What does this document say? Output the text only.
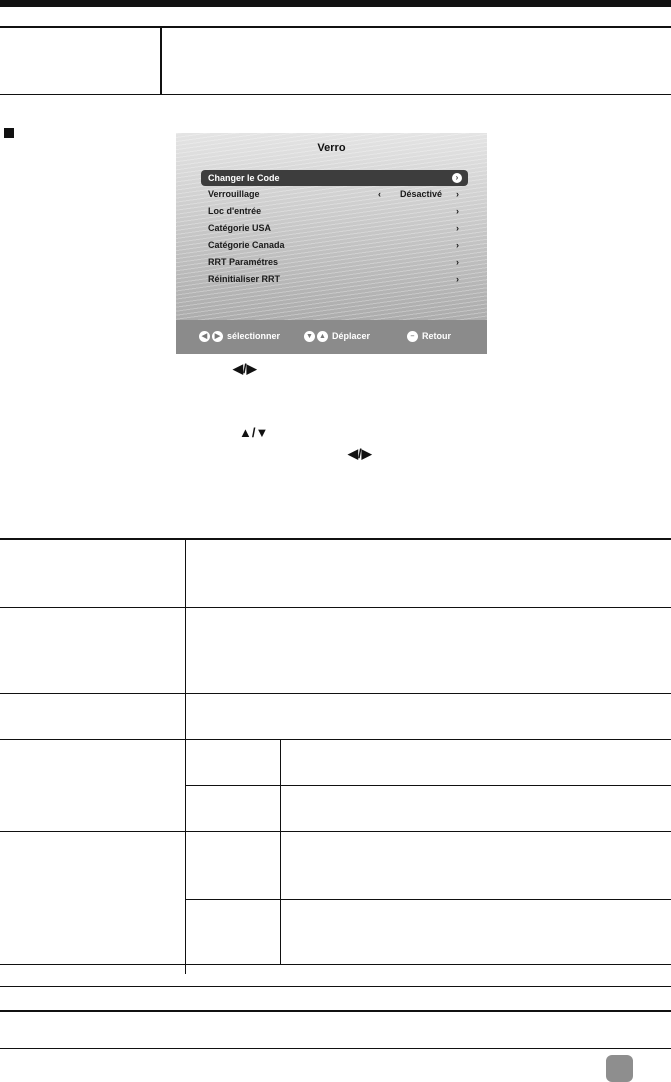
Verro
Changer le Code	›
Verrouillage	‹ Désactivé ›
Loc d'entrée	›
Catégorie USA	›
Catégorie Canada	›
RRT Paramétres	›
Réinitialiser RRT	›
◀	▶ sélectionner	▼ ▲ Déplacer	– Retour
◀/▶
▲/▼
◀/▶
